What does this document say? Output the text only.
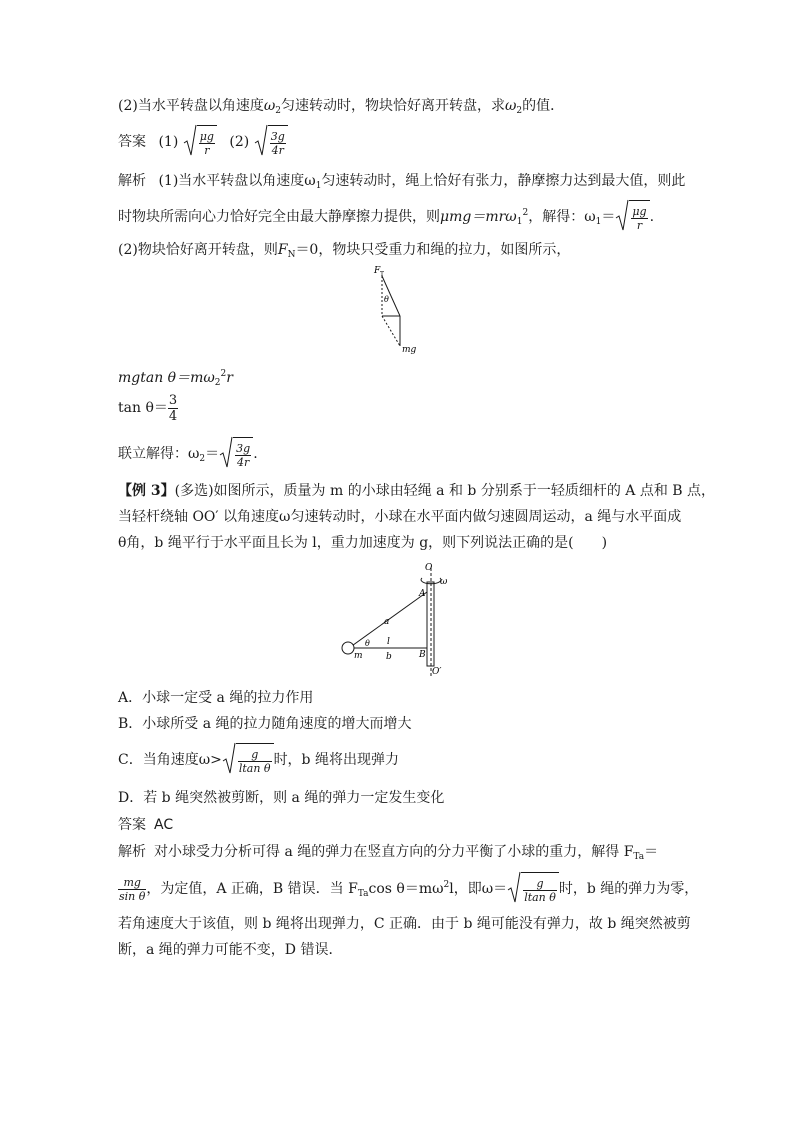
(2)当水平转盘以角速度$\omega_2$匀速转动时，物块恰好离开转盘，求$\omega_2$的值．
答案 $(1) \frac{\mu g}{r} (2) \frac{3g}{4r}$
解析 (1)当水平转盘以角速度$\omega_1$匀速转动时，绳上恰好有张力，静摩擦力达到最大值，则此
时物块所需向心力恰好完全由最大静摩擦力提供，则μmg＝mrω$_1^2$，解得：$\omega_1= \frac{\mu g}{r}$ .
(2)物块恰好离开转盘，则$F_N=0$，物块只受重力和绳的拉力，如图所示，
F T
θ
mg
mgtan $\theta=m\omega_2^2r$
$\tan \theta= \frac{3}{4}$
联立解得：$\omega_2= \frac{3g}{4r}$ .
【例 3】(多选)如图所示，质量为 m 的小球由轻绳 a 和 b 分别系于一轻质细杆的 A 点和 B 点，
当轻杆绕轴 OO′ 以角速度ω匀速转动时，小球在水平面内做匀速圆周运动，a 绳与水平面成
θ角，b 绳平行于水平面且长为 l，重力加速度为 g，则下列说法正确的是(　　)
O
ω
A
a
θ l
m	b	B
O′
A．小球一定受 a 绳的拉力作用
B．小球所受 a 绳的拉力随角速度的增大而增大
C．当角速度$\omega> \frac{g}{\text{ltan θ}}$ 时，b 绳将出现弹力
D．若 b 绳突然被剪断，则 a 绳的弹力一定发生变化
答案 AC
解析 对小球受力分析可得 a 绳的弹力在竖直方向的分力平衡了小球的重力，解得 $F_{Ta}=$
$\frac{mg}{\text{sin θ}}$ ，为定值，A 正确，B 错误．当 $F_{Ta}\cos$ $\theta=m\omega^2l$，即$\omega= \frac{g}{\text{ltan θ}}$ 时，b 绳的弹力为零，
若角速度大于该值，则 b 绳将出现弹力，C 正确．由于 b 绳可能没有弹力，故 b 绳突然被剪
断，a 绳的弹力可能不变，D 错误．
